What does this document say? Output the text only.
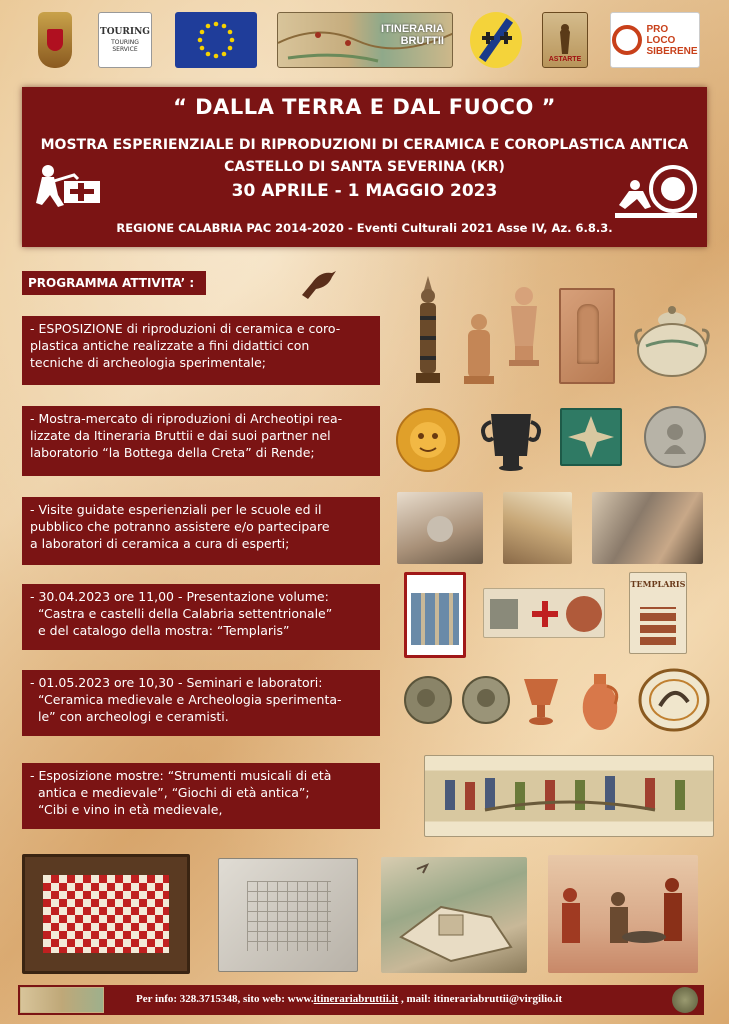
TOURING
TOURING SERVICE
ITINERARIA
BRUTTII
ASTARTE
PRO
LOCO
SIBERENE
“ DALLA TERRA E DAL FUOCO ”
MOSTRA ESPERIENZIALE DI RIPRODUZIONI DI CERAMICA E COROPLASTICA ANTICA
CASTELLO DI SANTA SEVERINA (KR)
30 APRILE - 1 MAGGIO 2023
REGIONE CALABRIA PAC 2014-2020 - Eventi Culturali 2021 Asse IV, Az. 6.8.3.
PROGRAMMA ATTIVITA’ :
- ESPOSIZIONE di riproduzioni di ceramica e coro-
plastica antiche realizzate a fini didattici con
tecniche di archeologia sperimentale;
- Mostra-mercato di riproduzioni di Archeotipi rea-
lizzate da Itineraria Bruttii e dai suoi partner nel
laboratorio “la Bottega della Creta” di Rende;
- Visite guidate esperienziali per le scuole ed il
pubblico che potranno assistere e/o partecipare
a laboratori di ceramica a cura di esperti;
- 30.04.2023 ore 11,00 - Presentazione volume:
“Castra e castelli della Calabria settentrionale”
e del catalogo della mostra: “Templaris”
- 01.05.2023 ore 10,30 - Seminari e laboratori:
“Ceramica medievale e Archeologia sperimenta-
le” con archeologi e ceramisti.
- Esposizione mostre: “Strumenti musicali di età
antica e medievale”, “Giochi di età antica”;
“Cibi e vino in età medievale,
TEMPLARIS
Per info: 328.3715348, sito web: www.itinerariabruttii.it , mail: itinerariabruttii@virgilio.it
